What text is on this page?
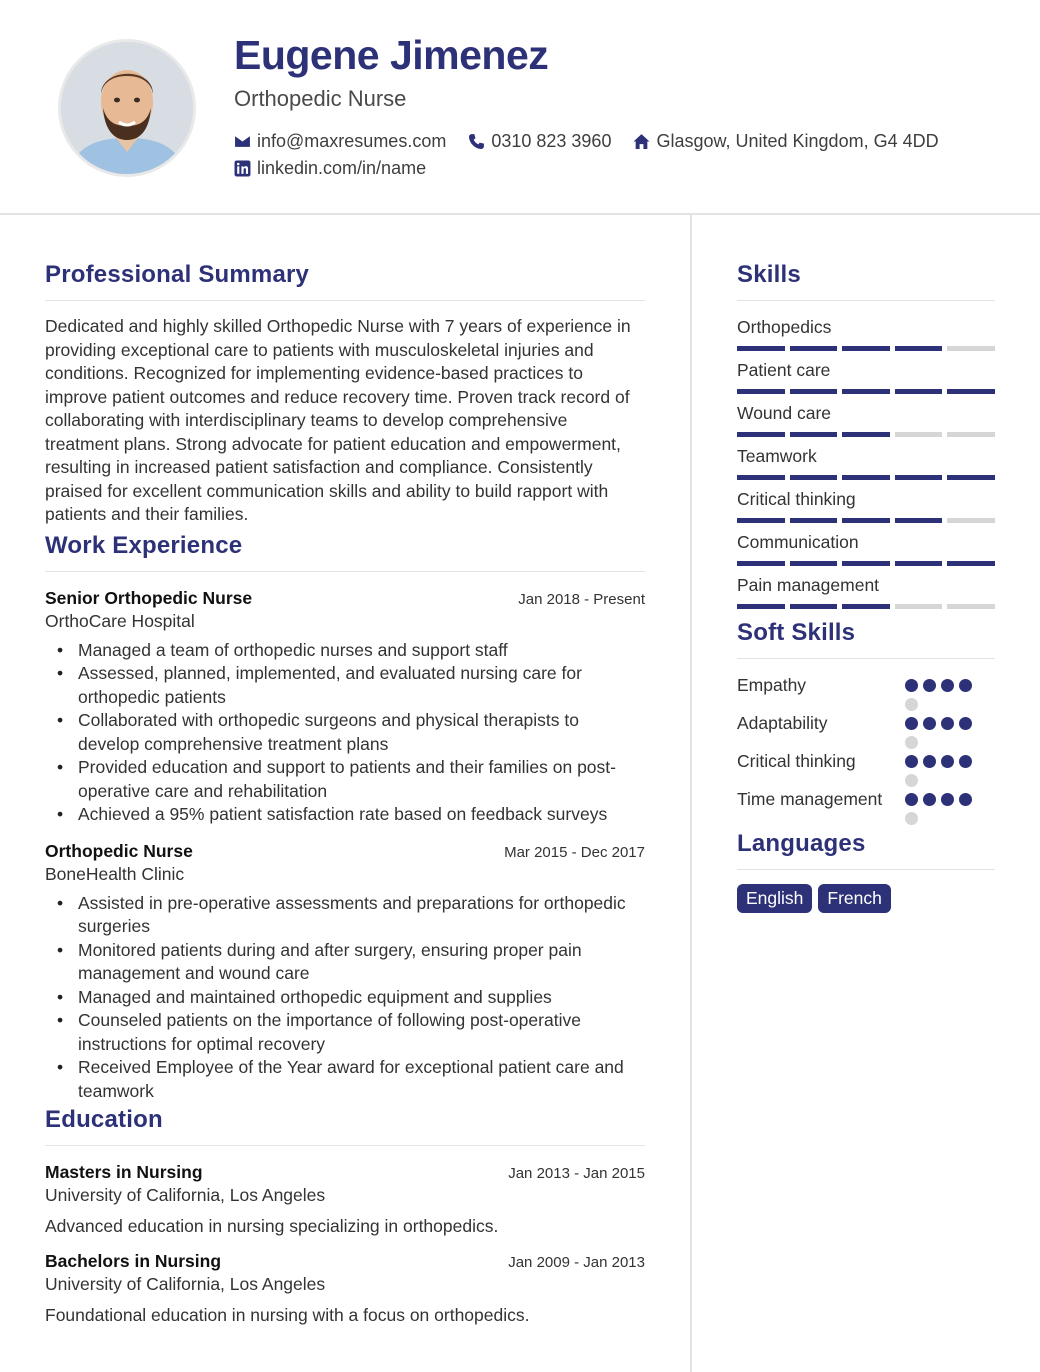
Eugene Jimenez
Orthopedic Nurse
info@maxresumes.com	0310 823 3960	Glasgow, United Kingdom, G4 4DD
linkedin.com/in/name
Professional Summary
Dedicated and highly skilled Orthopedic Nurse with 7 years of experience in providing exceptional care to patients with musculoskeletal injuries and conditions. Recognized for implementing evidence-based practices to improve patient outcomes and reduce recovery time. Proven track record of collaborating with interdisciplinary teams to develop comprehensive treatment plans. Strong advocate for patient education and empowerment, resulting in increased patient satisfaction and compliance. Consistently praised for excellent communication skills and ability to build rapport with patients and their families.
Work Experience
Senior Orthopedic Nurse	Jan 2018 - Present
OrthoCare Hospital
• Managed a team of orthopedic nurses and support staff
• Assessed, planned, implemented, and evaluated nursing care for orthopedic patients
• Collaborated with orthopedic surgeons and physical therapists to develop comprehensive treatment plans
• Provided education and support to patients and their families on post-operative care and rehabilitation
• Achieved a 95% patient satisfaction rate based on feedback surveys
Orthopedic Nurse	Mar 2015 - Dec 2017
BoneHealth Clinic
• Assisted in pre-operative assessments and preparations for orthopedic surgeries
• Monitored patients during and after surgery, ensuring proper pain management and wound care
• Managed and maintained orthopedic equipment and supplies
• Counseled patients on the importance of following post-operative instructions for optimal recovery
• Received Employee of the Year award for exceptional patient care and teamwork
Education
Masters in Nursing	Jan 2013 - Jan 2015
University of California, Los Angeles
Advanced education in nursing specializing in orthopedics.
Bachelors in Nursing	Jan 2009 - Jan 2013
University of California, Los Angeles
Foundational education in nursing with a focus on orthopedics.
Skills
Orthopedics
Patient care
Wound care
Teamwork
Critical thinking
Communication
Pain management
Soft Skills
Empathy
Adaptability
Critical thinking
Time management
Languages
English	French
